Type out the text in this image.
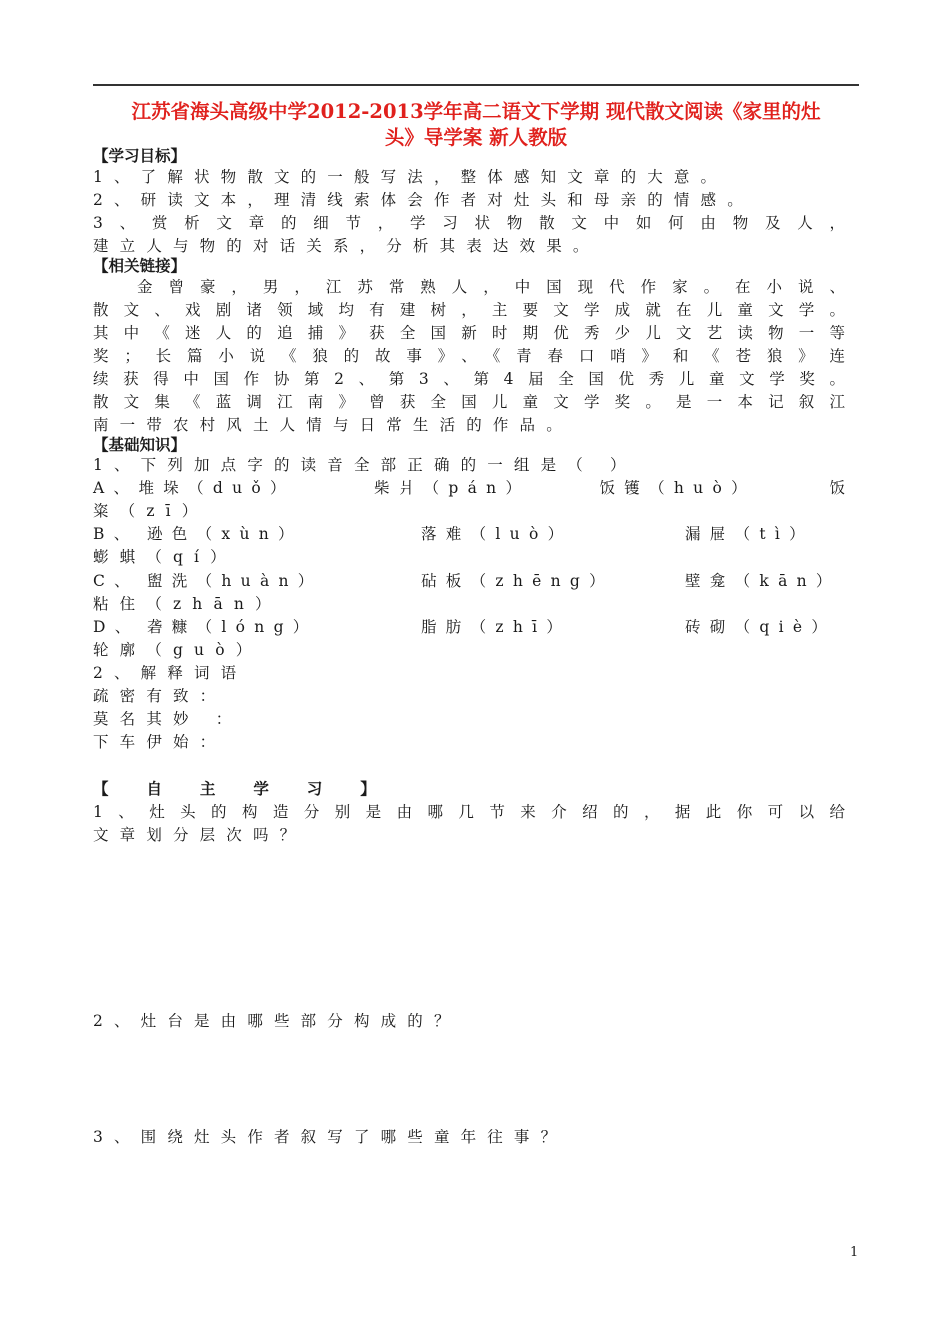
江苏省海头高级中学2012-2013学年高二语文下学期 现代散文阅读《家里的灶
头》导学案 新人教版
【学习目标】
1、了解状物散文的一般写法，整体感知文章的大意。
2、研读文本，理清线索体会作者对灶头和母亲的情感。
3、赏析文章的细节，学习状物散文中如何由物及人，
建立人与物的对话关系，分析其表达效果。
【相关链接】
金曾豪，男，江苏常熟人，中国现代作家。在小说、
散文、戏剧诸领域均有建树，主要文学成就在儿童文学。
其中《迷人的追捕》获全国新时期优秀少儿文艺读物一等
奖；长篇小说《狼的故事》、《青春口哨》和《苍狼》连
续获得中国作协第2、第3、第4届全国优秀儿童文学奖。
散文集《蓝调江南》曾获全国儿童文学奖。是一本记叙江
南一带农村风土人情与日常生活的作品。
【基础知识】
1、下列加点字的读音全部正确的一组是（ ）
A、 堆垛（duǒ）	柴爿（pán）	饭镬（huò）	饭
粢（zī）
B、 逊色（xùn）	落难（luò）	漏屉（tì）
蟛蜞（qí）
C、 盥洗（huàn）	砧板（zhēng）	壁龛（kān）
粘住（zhān）
D、 砻糠（lóng）	脂肪（zhī）	砖砌（qiè）
轮廓（guò）
2、解释词语
疏密有致：
莫名其妙 ：
下车伊始：
【 自 主 学 习 】
1、灶头的构造分别是由哪几节来介绍的，据此你可以给
文章划分层次吗？
2、灶台是由哪些部分构成的？
3、围绕灶头作者叙写了哪些童年往事？
1
